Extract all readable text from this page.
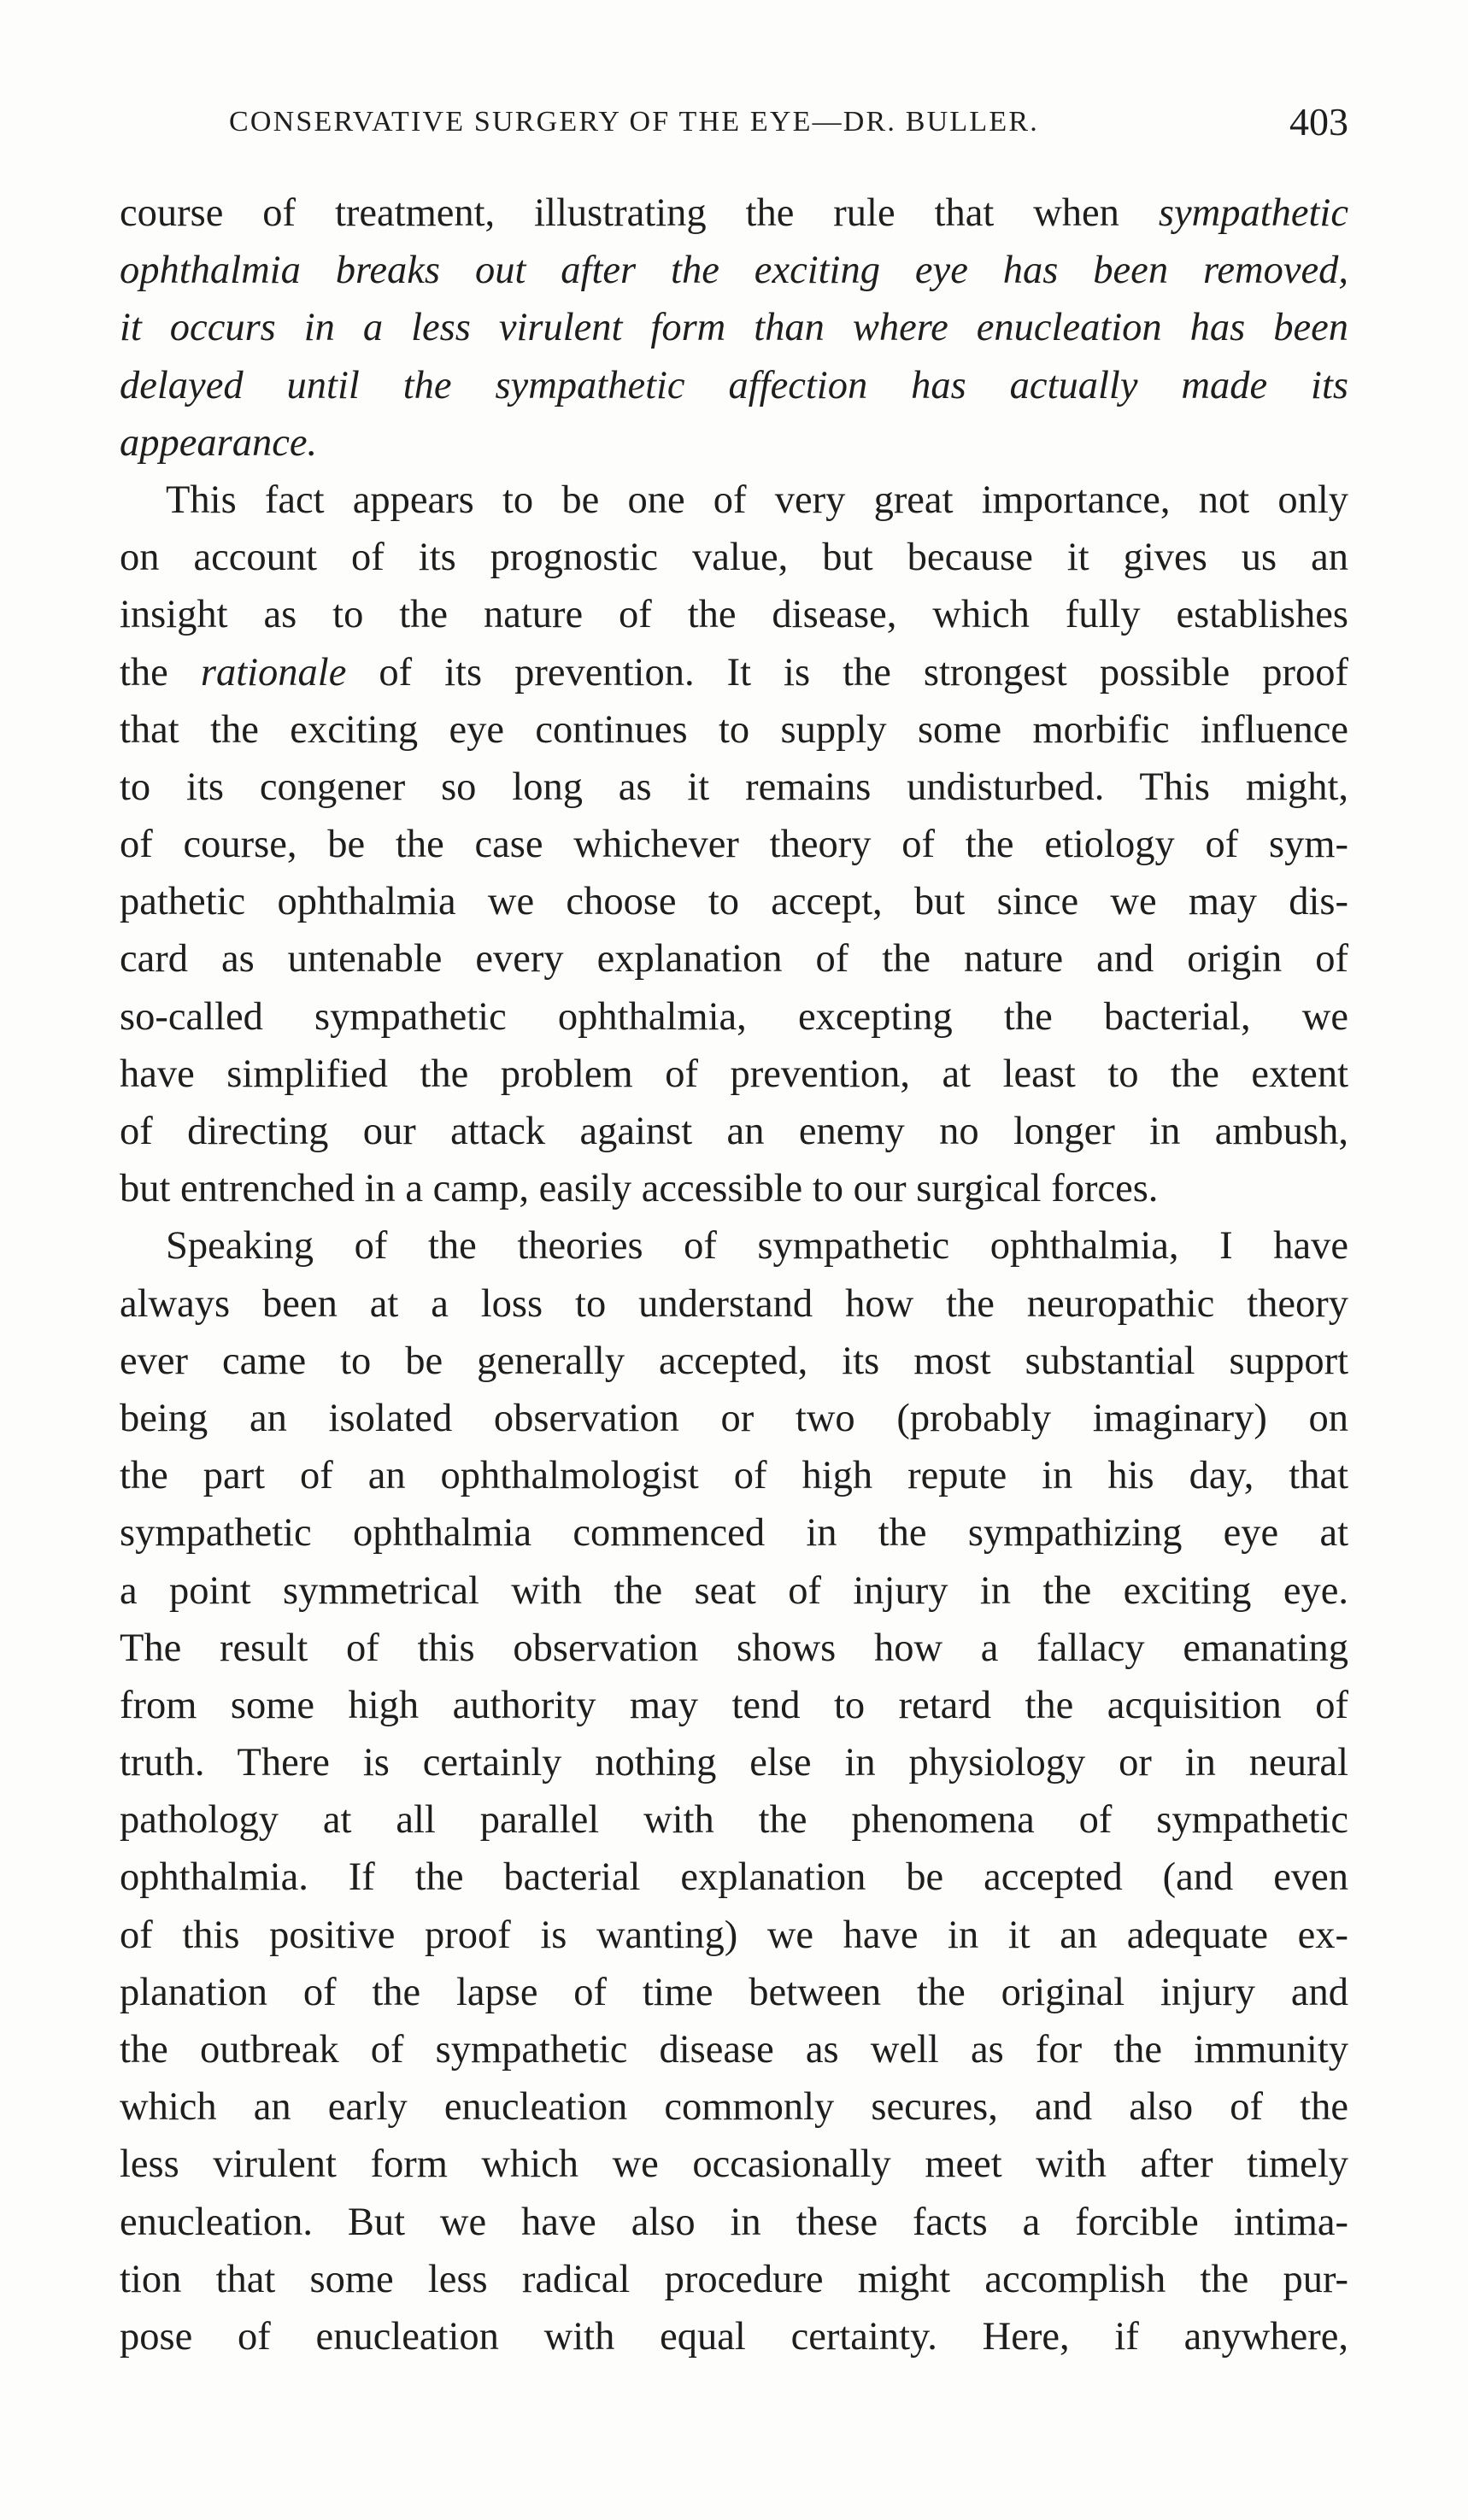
CONSERVATIVE SURGERY OF THE EYE—DR. BULLER.	403
course of treatment, illustrating the rule that when sympathetic
ophthalmia breaks out after the exciting eye has been removed,
it occurs in a less virulent form than where enucleation has been
delayed until the sympathetic affection has actually made its
appearance.
This fact appears to be one of very great importance, not only
on account of its prognostic value, but because it gives us an
insight as to the nature of the disease, which fully establishes
the rationale of its prevention. It is the strongest possible proof
that the exciting eye continues to supply some morbific influence
to its congener so long as it remains undisturbed. This might,
of course, be the case whichever theory of the etiology of sym-
pathetic ophthalmia we choose to accept, but since we may dis-
card as untenable every explanation of the nature and origin of
so-called sympathetic ophthalmia, excepting the bacterial, we
have simplified the problem of prevention, at least to the extent
of directing our attack against an enemy no longer in ambush,
but entrenched in a camp, easily accessible to our surgical forces.
Speaking of the theories of sympathetic ophthalmia, I have
always been at a loss to understand how the neuropathic theory
ever came to be generally accepted, its most substantial support
being an isolated observation or two (probably imaginary) on
the part of an ophthalmologist of high repute in his day, that
sympathetic ophthalmia commenced in the sympathizing eye at
a point symmetrical with the seat of injury in the exciting eye.
The result of this observation shows how a fallacy emanating
from some high authority may tend to retard the acquisition of
truth. There is certainly nothing else in physiology or in neural
pathology at all parallel with the phenomena of sympathetic
ophthalmia. If the bacterial explanation be accepted (and even
of this positive proof is wanting) we have in it an adequate ex-
planation of the lapse of time between the original injury and
the outbreak of sympathetic disease as well as for the immunity
which an early enucleation commonly secures, and also of the
less virulent form which we occasionally meet with after timely
enucleation. But we have also in these facts a forcible intima-
tion that some less radical procedure might accomplish the pur-
pose of enucleation with equal certainty. Here, if anywhere,
